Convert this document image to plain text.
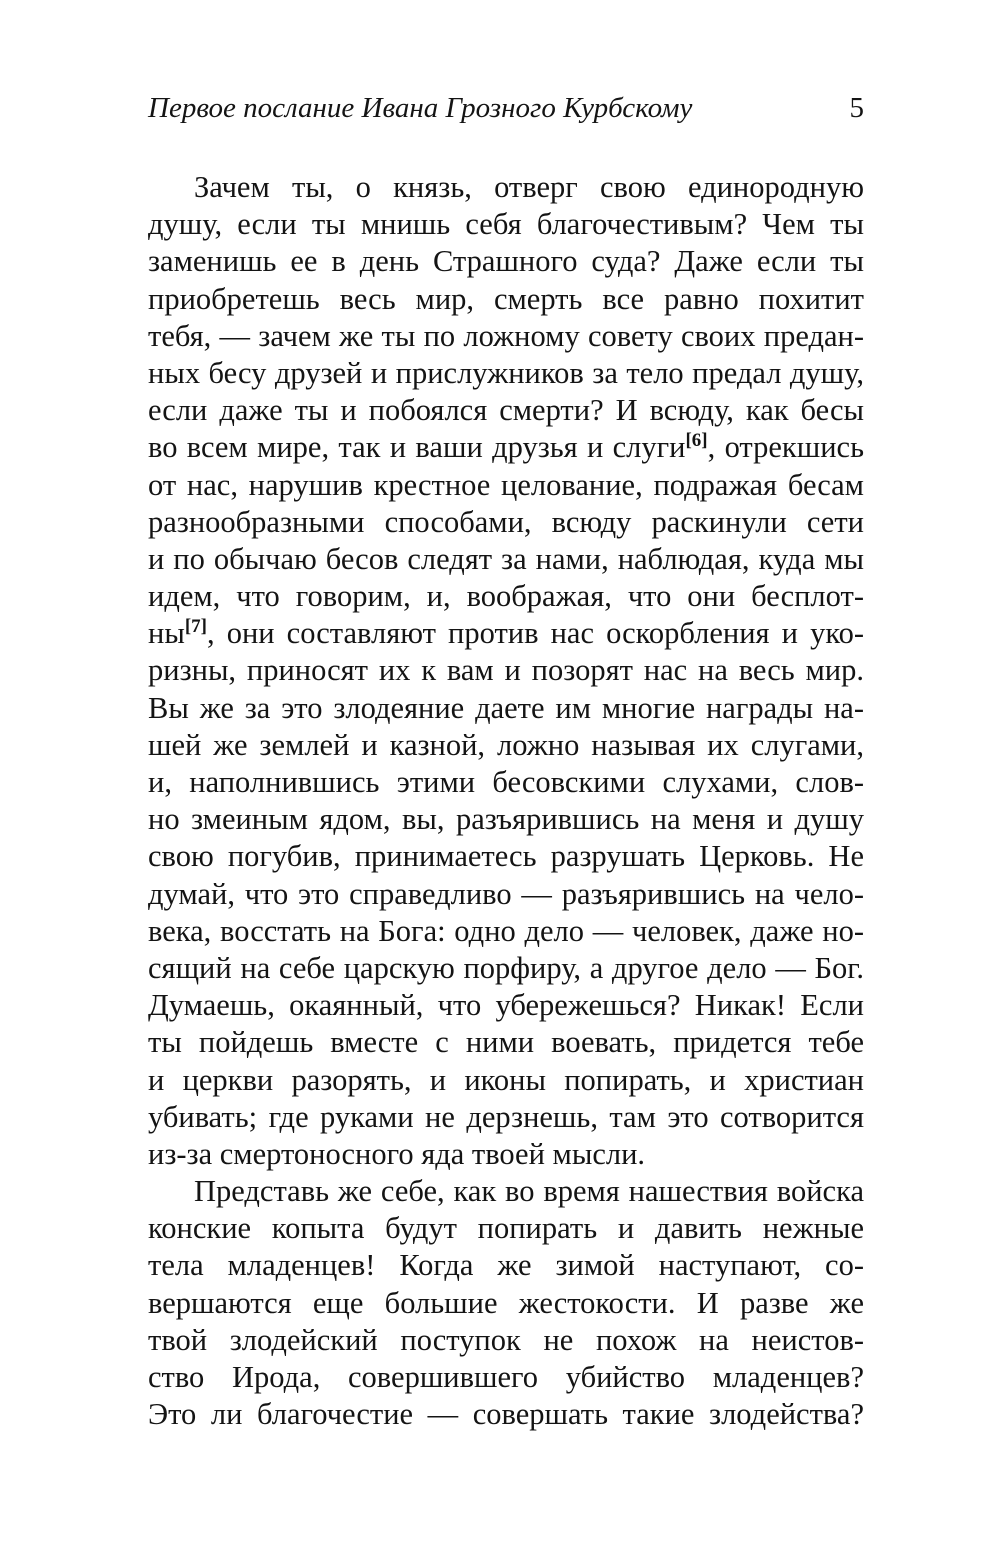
Первое послание Ивана Грозного Курбскому	5
Зачем ты, о князь, отверг свою единородную
душу, если ты мнишь себя благочестивым? Чем ты
заменишь ее в день Страшного суда? Даже если ты
приобретешь весь мир, смерть все равно похитит
тебя, — зачем же ты по ложному совету своих предан-
ных бесу друзей и прислужников за тело предал душу,
если даже ты и побоялся смерти? И всюду, как бесы
во всем мире, так и ваши друзья и слуги[6], отрекшись
от нас, нарушив крестное целование, подражая бесам
разнообразными способами, всюду раскинули сети
и по обычаю бесов следят за нами, наблюдая, куда мы
идем, что говорим, и, воображая, что они бесплот-
ны[7], они составляют против нас оскорбления и уко-
ризны, приносят их к вам и позорят нас на весь мир.
Вы же за это злодеяние даете им многие награды на-
шей же землей и казной, ложно называя их слугами,
и, наполнившись этими бесовскими слухами, слов-
но змеиным ядом, вы, разъярившись на меня и душу
свою погубив, принимаетесь разрушать Церковь. Не
думай, что это справедливо — разъярившись на чело-
века, восстать на Бога: одно дело — человек, даже но-
сящий на себе царскую порфиру, а другое дело — Бог.
Думаешь, окаянный, что убережешься? Никак! Если
ты пойдешь вместе с ними воевать, придется тебе
и церкви разорять, и иконы попирать, и христиан
убивать; где руками не дерзнешь, там это сотворится
из-за смертоносного яда твоей мысли.
Представь же себе, как во время нашествия войска
конские копыта будут попирать и давить нежные
тела младенцев! Когда же зимой наступают, со-
вершаются еще большие жестокости. И разве же
твой злодейский поступок не похож на неистов-
ство Ирода, совершившего убийство младенцев?
Это ли благочестие — совершать такие злодейства?
